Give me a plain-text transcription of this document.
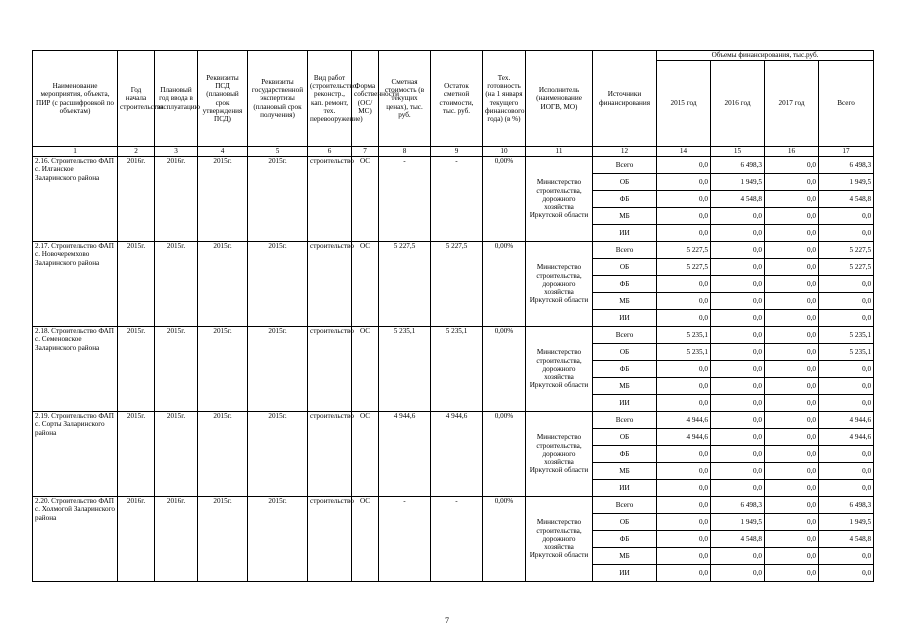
Наименование мероприятия, объекта, ПИР (с расшифровкой по объектам)	Год начала строительства	Плановый год ввода в эксплуатацию	Реквизиты ПСД (плановый срок утверждения ПСД)	Реквизиты государственной экспертизы (плановый срок получения)	Вид работ (строительство, реконстр., кап. ремонт, тех. перевооружение)	Форма собственности (ОС/МС)	Сметная стоимость (в текущих ценах), тыс. руб.	Остаток сметной стоимости, тыс. руб.	Тех. готовность (на 1 января текущего финансового года) (в %)	Исполнитель (наименование ИОГВ, МО)	Источники финансирования	Объемы финансирования, тыс.руб.			
												2015 год	2016 год	2017 год	Всего
1	2	3	4	5	6	7	8	9	10	11	12	14	15	16	17
2.16. Строительство ФАП с. Илганское Заларинского района	2016г.	2016г.	2015г.	2015г.	строительство	ОС	-	-	0,00%	Министерство строительства, дорожного хозяйства Иркутской области	Всего	0,0	6 498,3	0,0	6 498,3
											ОБ	0,0	1 949,5	0,0	1 949,5
											ФБ	0,0	4 548,8	0,0	4 548,8
											МБ	0,0	0,0	0,0	0,0
											ИИ	0,0	0,0	0,0	0,0
2.17. Строительство ФАП с. Новочеремхово Заларинского района	2015г.	2015г.	2015г.	2015г.	строительство	ОС	5 227,5	5 227,5	0,00%	Министерство строительства, дорожного хозяйства Иркутской области	Всего	5 227,5	0,0	0,0	5 227,5
											ОБ	5 227,5	0,0	0,0	5 227,5
											ФБ	0,0	0,0	0,0	0,0
											МБ	0,0	0,0	0,0	0,0
											ИИ	0,0	0,0	0,0	0,0
2.18. Строительство ФАП с. Семеновское Заларинского района	2015г.	2015г.	2015г.	2015г.	строительство	ОС	5 235,1	5 235,1	0,00%	Министерство строительства, дорожного хозяйства Иркутской области	Всего	5 235,1	0,0	0,0	5 235,1
											ОБ	5 235,1	0,0	0,0	5 235,1
											ФБ	0,0	0,0	0,0	0,0
											МБ	0,0	0,0	0,0	0,0
											ИИ	0,0	0,0	0,0	0,0
2.19. Строительство ФАП с. Сорты Заларинского района	2015г.	2015г.	2015г.	2015г.	строительство	ОС	4 944,6	4 944,6	0,00%	Министерство строительства, дорожного хозяйства Иркутской области	Всего	4 944,6	0,0	0,0	4 944,6
											ОБ	4 944,6	0,0	0,0	4 944,6
											ФБ	0,0	0,0	0,0	0,0
											МБ	0,0	0,0	0,0	0,0
											ИИ	0,0	0,0	0,0	0,0
2.20. Строительство ФАП с. Холмогой Заларинского района	2016г.	2016г.	2015г.	2015г.	строительство	ОС	-	-	0,00%	Министерство строительства, дорожного хозяйства Иркутской области	Всего	0,0	6 498,3	0,0	6 498,3
											ОБ	0,0	1 949,5	0,0	1 949,5
											ФБ	0,0	4 548,8	0,0	4 548,8
											МБ	0,0	0,0	0,0	0,0
											ИИ	0,0	0,0	0,0	0,0
7
